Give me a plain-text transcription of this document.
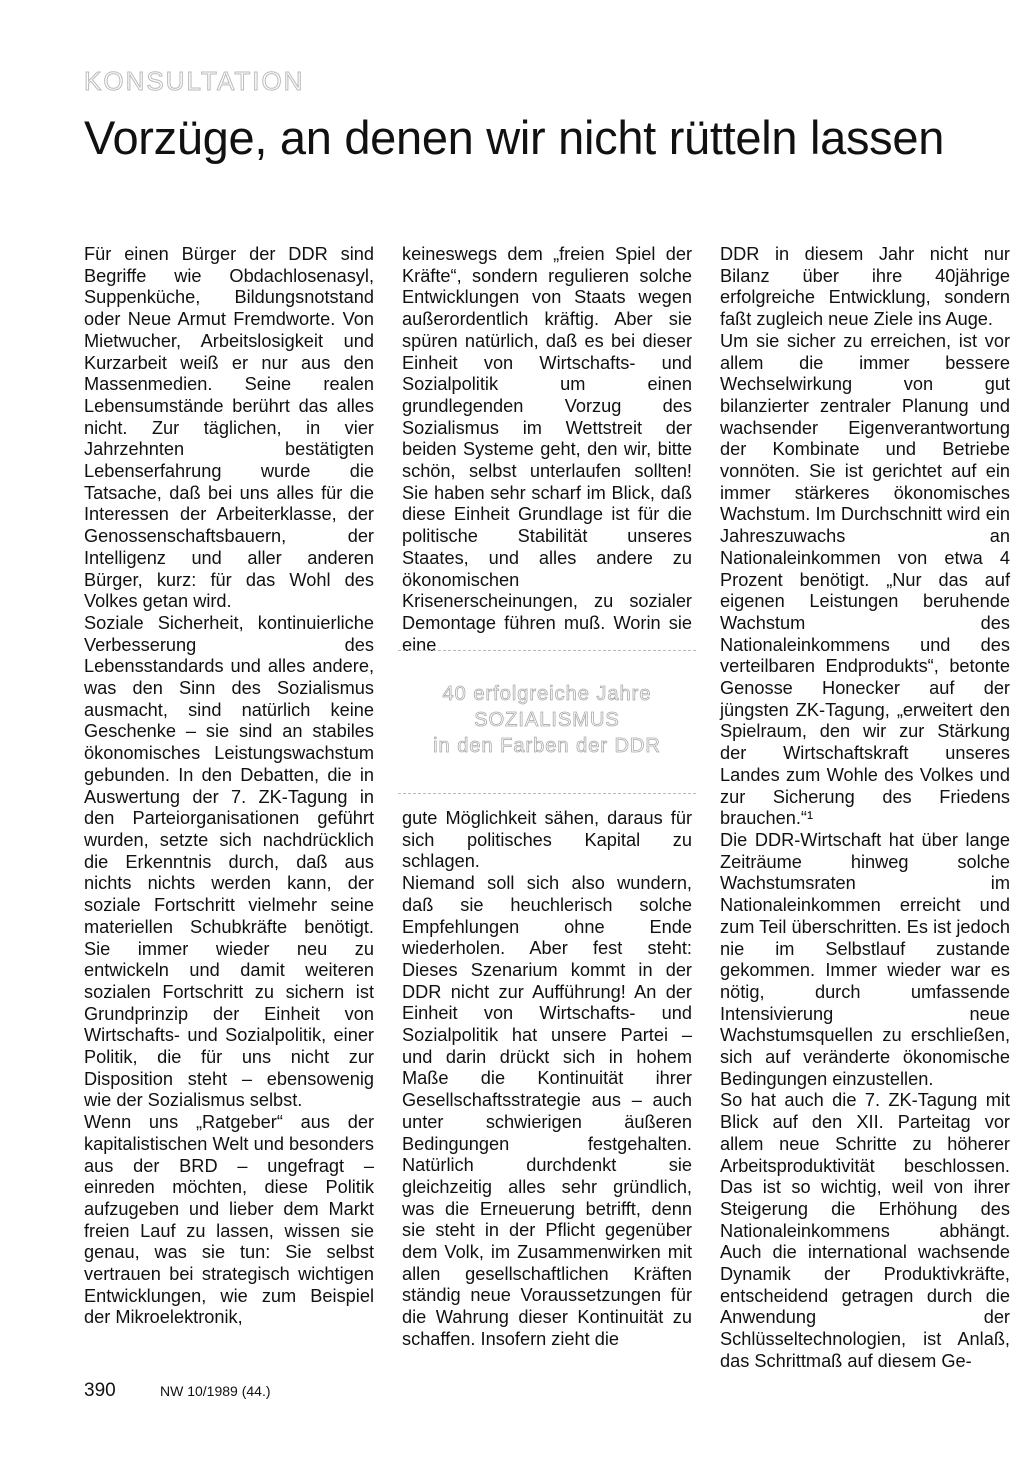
KONSULTATION
Vorzüge, an denen wir nicht rütteln lassen

Für einen Bürger der DDR sind Begriffe wie Obdachlosenasyl, Suppenküche, Bildungsnotstand oder Neue Armut Fremdworte. Von Mietwucher, Arbeitslosigkeit und Kurzarbeit weiß er nur aus den Massenmedien. Seine realen Lebensumstände berührt das alles nicht. Zur täglichen, in vier Jahrzehnten bestätigten Lebenserfahrung wurde die Tatsache, daß bei uns alles für die Interessen der Arbeiterklasse, der Genossenschaftsbauern, der Intelligenz und aller anderen Bürger, kurz: für das Wohl des Volkes getan wird.

Soziale Sicherheit, kontinuierliche Verbesserung des Lebensstandards und alles andere, was den Sinn des Sozialismus ausmacht, sind natürlich keine Geschenke – sie sind an stabiles ökonomisches Leistungswachstum gebunden. In den Debatten, die in Auswertung der 7. ZK-Tagung in den Parteiorganisationen geführt wurden, setzte sich nachdrücklich die Erkenntnis durch, daß aus nichts nichts werden kann, der soziale Fortschritt vielmehr seine materiellen Schubkräfte benötigt. Sie immer wieder neu zu entwickeln und damit weiteren sozialen Fortschritt zu sichern ist Grundprinzip der Einheit von Wirtschafts- und Sozialpolitik, einer Politik, die für uns nicht zur Disposition steht – ebensowenig wie der Sozialismus selbst.

Wenn uns „Ratgeber“ aus der kapitalistischen Welt und besonders aus der BRD – ungefragt – einreden möchten, diese Politik aufzugeben und lieber dem Markt freien Lauf zu lassen, wissen sie genau, was sie tun: Sie selbst vertrauen bei strategisch wichtigen Entwicklungen, wie zum Beispiel der Mikroelektronik,

keineswegs dem „freien Spiel der Kräfte“, sondern regulieren solche Entwicklungen von Staats wegen außerordentlich kräftig. Aber sie spüren natürlich, daß es bei dieser Einheit von Wirtschafts- und Sozialpolitik um einen grundlegenden Vorzug des Sozialismus im Wettstreit der beiden Systeme geht, den wir, bitte schön, selbst unterlaufen sollten! Sie haben sehr scharf im Blick, daß diese Einheit Grundlage ist für die politische Stabilität unseres Staates, und alles andere zu ökonomischen Krisenerscheinungen, zu sozialer Demontage führen muß. Worin sie eine

40 erfolgreiche Jahre
SOZIALISMUS
in den Farben der DDR

gute Möglichkeit sähen, daraus für sich politisches Kapital zu schlagen.

Niemand soll sich also wundern, daß sie heuchlerisch solche Empfehlungen ohne Ende wiederholen. Aber fest steht: Dieses Szenarium kommt in der DDR nicht zur Aufführung! An der Einheit von Wirtschafts- und Sozialpolitik hat unsere Partei – und darin drückt sich in hohem Maße die Kontinuität ihrer Gesellschaftsstrategie aus – auch unter schwierigen äußeren Bedingungen festgehalten. Natürlich durchdenkt sie gleichzeitig alles sehr gründlich, was die Erneuerung betrifft, denn sie steht in der Pflicht gegenüber dem Volk, im Zusammenwirken mit allen gesellschaftlichen Kräften ständig neue Voraussetzungen für die Wahrung dieser Kontinuität zu schaffen. Insofern zieht die

DDR in diesem Jahr nicht nur Bilanz über ihre 40jährige erfolgreiche Entwicklung, sondern faßt zugleich neue Ziele ins Auge.

Um sie sicher zu erreichen, ist vor allem die immer bessere Wechselwirkung von gut bilanzierter zentraler Planung und wachsender Eigenverantwortung der Kombinate und Betriebe vonnöten. Sie ist gerichtet auf ein immer stärkeres ökonomisches Wachstum. Im Durchschnitt wird ein Jahreszuwachs an Nationaleinkommen von etwa 4 Prozent benötigt. „Nur das auf eigenen Leistungen beruhende Wachstum des Nationaleinkommens und des verteilbaren Endprodukts“, betonte Genosse Honecker auf der jüngsten ZK-Tagung, „erweitert den Spielraum, den wir zur Stärkung der Wirtschaftskraft unseres Landes zum Wohle des Volkes und zur Sicherung des Friedens brauchen.“¹

Die DDR-Wirtschaft hat über lange Zeiträume hinweg solche Wachstumsraten im Nationaleinkommen erreicht und zum Teil überschritten. Es ist jedoch nie im Selbstlauf zustande gekommen. Immer wieder war es nötig, durch umfassende Intensivierung neue Wachstumsquellen zu erschließen, sich auf veränderte ökonomische Bedingungen einzustellen.

So hat auch die 7. ZK-Tagung mit Blick auf den XII. Parteitag vor allem neue Schritte zu höherer Arbeitsproduktivität beschlossen. Das ist so wichtig, weil von ihrer Steigerung die Erhöhung des Nationaleinkommens abhängt. Auch die international wachsende Dynamik der Produktivkräfte, entscheidend getragen durch die Anwendung der Schlüsseltechnologien, ist Anlaß, das Schrittmaß auf diesem Ge-

390	NW 10/1989 (44.)
